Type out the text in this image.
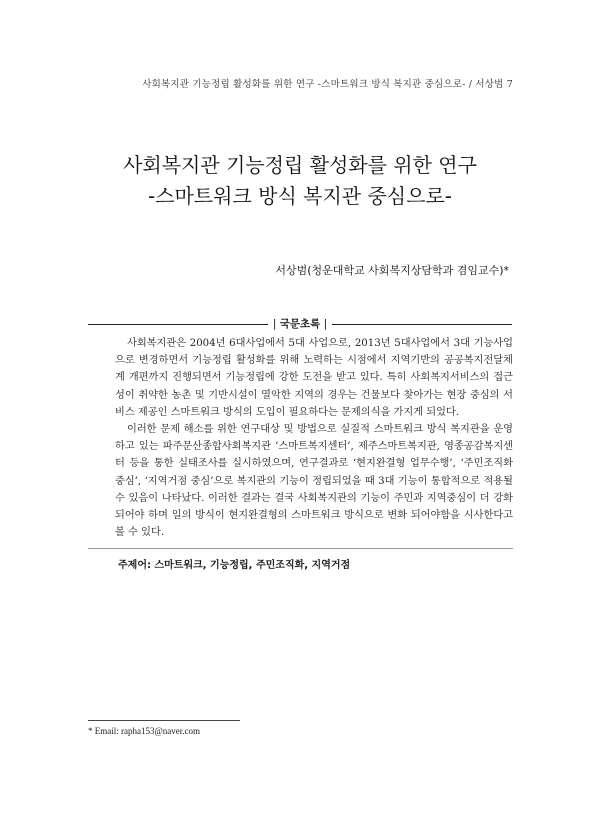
사회복지관 기능정립 활성화를 위한 연구 -스마트워크 방식 복지관 중심으로- / 서상범 7
사회복지관 기능정립 활성화를 위한 연구
-스마트워크 방식 복지관 중심으로-
서상범(청운대학교 사회복지상담학과 겸임교수)*
| 국문초록 |

사회복지관은 2004년 6대사업에서 5대 사업으로, 2013년 5대사업에서 3대 기능사업으로 변경하면서 기능정립 활성화를 위해 노력하는 시점에서 지역기반의 공공복지전달체계 개편까지 진행되면서 기능정립에 강한 도전을 받고 있다. 특히 사회복지서비스의 접근성이 취약한 농촌 및 기반시설이 열악한 지역의 경우는 건물보다 찾아가는 현장 중심의 서비스 제공인 스마트워크 방식의 도입이 필요하다는 문제의식을 가지게 되었다.

이러한 문제 해소를 위한 연구대상 및 방법으로 실질적 스마트워크 방식 복지관을 운영하고 있는 파주문산종합사회복지관 ‘스마트복지센터’, 제주스마트복지관, 영종공감복지센터 등을 통한 실태조사를 실시하였으며, 연구결과로 ‘현지완결형 업무수행’, ‘주민조직화 중심’, ‘지역거점 중심’으로 복지관의 기능이 정립되었을 때 3대 기능이 통합적으로 적용될 수 있음이 나타났다. 이러한 결과는 결국 사회복지관의 기능이 주민과 지역중심이 더 강화되어야 하며 일의 방식이 현지완결형의 스마트워크 방식으로 변화 되어야함을 시사한다고 볼 수 있다.

주제어: 스마트워크, 기능정립, 주민조직화, 지역거점
* Email: rapha153@naver.com
